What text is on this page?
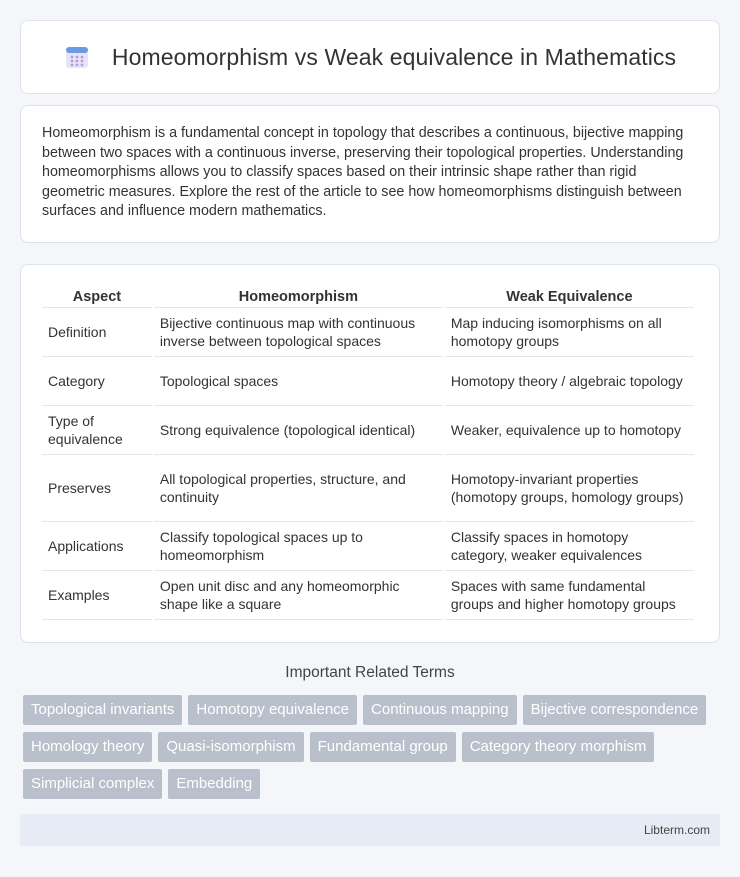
Homeomorphism vs Weak equivalence in Mathematics

Homeomorphism is a fundamental concept in topology that describes a continuous, bijective mapping between two spaces with a continuous inverse, preserving their topological properties. Understanding homeomorphisms allows you to classify spaces based on their intrinsic shape rather than rigid geometric measures. Explore the rest of the article to see how homeomorphisms distinguish between surfaces and influence modern mathematics.

Aspect	Homeomorphism	Weak Equivalence
Definition	Bijective continuous map with continuous inverse between topological spaces	Map inducing isomorphisms on all homotopy groups
Category	Topological spaces	Homotopy theory / algebraic topology
Type of equivalence	Strong equivalence (topological identical)	Weaker, equivalence up to homotopy
Preserves	All topological properties, structure, and continuity	Homotopy-invariant properties (homotopy groups, homology groups)
Applications	Classify topological spaces up to homeomorphism	Classify spaces in homotopy category, weaker equivalences
Examples	Open unit disc and any homeomorphic shape like a square	Spaces with same fundamental groups and higher homotopy groups
Important Related Terms
Topological invariants	Homotopy equivalence	Continuous mapping	Bijective correspondence
Homology theory	Quasi-isomorphism	Fundamental group	Category theory morphism
Simplicial complex	Embedding
Libterm.com
